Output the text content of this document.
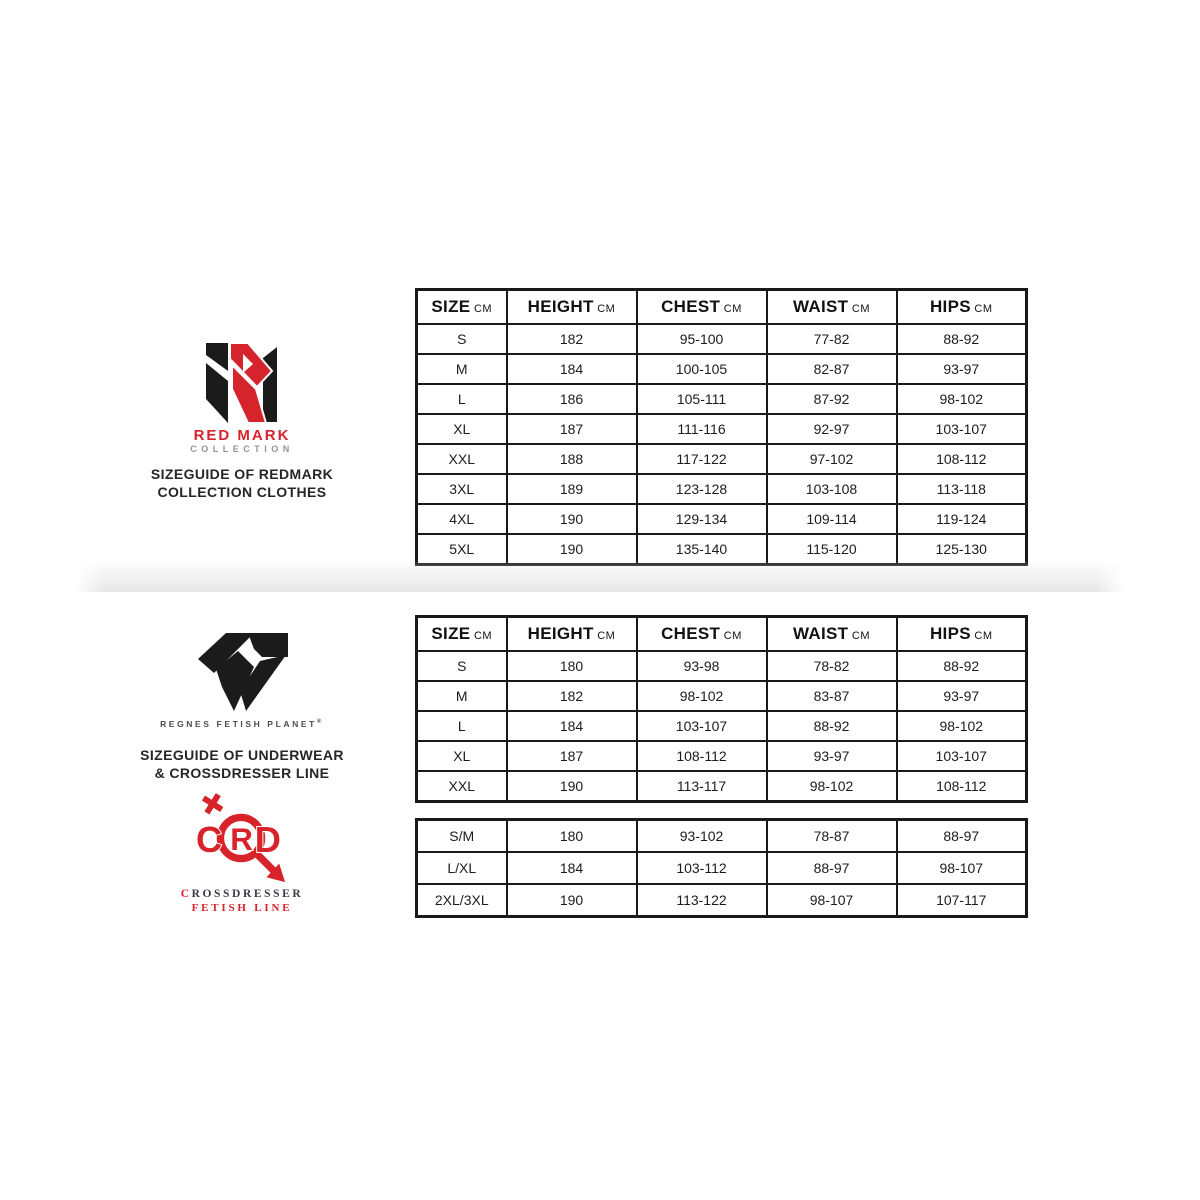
RED MARK
COLLECTION
SIZEGUIDE OF REDMARK
COLLECTION CLOTHES
REGNES FETISH PLANET®
SIZEGUIDE OF UNDERWEAR
& CROSSDRESSER LINE
C R D
CROSSDRESSER
FETISH LINE
SIZE CM	HEIGHT CM	CHEST CM	WAIST CM	HIPS CM
S	182	95-100	77-82	88-92
M	184	100-105	82-87	93-97
L	186	105-111	87-92	98-102
XL	187	111-116	92-97	103-107
XXL	188	117-122	97-102	108-112
3XL	189	123-128	103-108	113-118
4XL	190	129-134	109-114	119-124
5XL	190	135-140	115-120	125-130
SIZE CM	HEIGHT CM	CHEST CM	WAIST CM	HIPS CM
S	180	93-98	78-82	88-92
M	182	98-102	83-87	93-97
L	184	103-107	88-92	98-102
XL	187	108-112	93-97	103-107
XXL	190	113-117	98-102	108-112
S/M	180	93-102	78-87	88-97
L/XL	184	103-112	88-97	98-107
2XL/3XL	190	113-122	98-107	107-117
